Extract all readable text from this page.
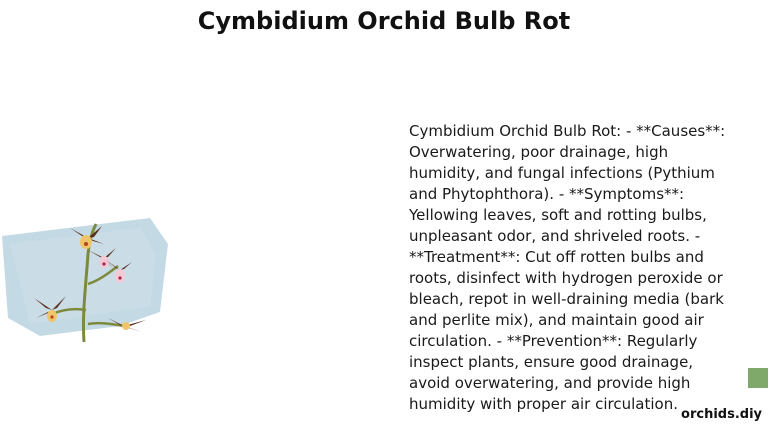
Cymbidium Orchid Bulb Rot
Cymbidium Orchid Bulb Rot: - **Causes**: Overwatering, poor drainage, high humidity, and fungal infections (Pythium and Phytophthora). - **Symptoms**: Yellowing leaves, soft and rotting bulbs, unpleasant odor, and shriveled roots. - **Treatment**: Cut off rotten bulbs and roots, disinfect with hydrogen peroxide or bleach, repot in well-draining media (bark and perlite mix), and maintain good air circulation. - **Prevention**: Regularly inspect plants, ensure good drainage, avoid overwatering, and provide high humidity with proper air circulation.
orchids.diy
